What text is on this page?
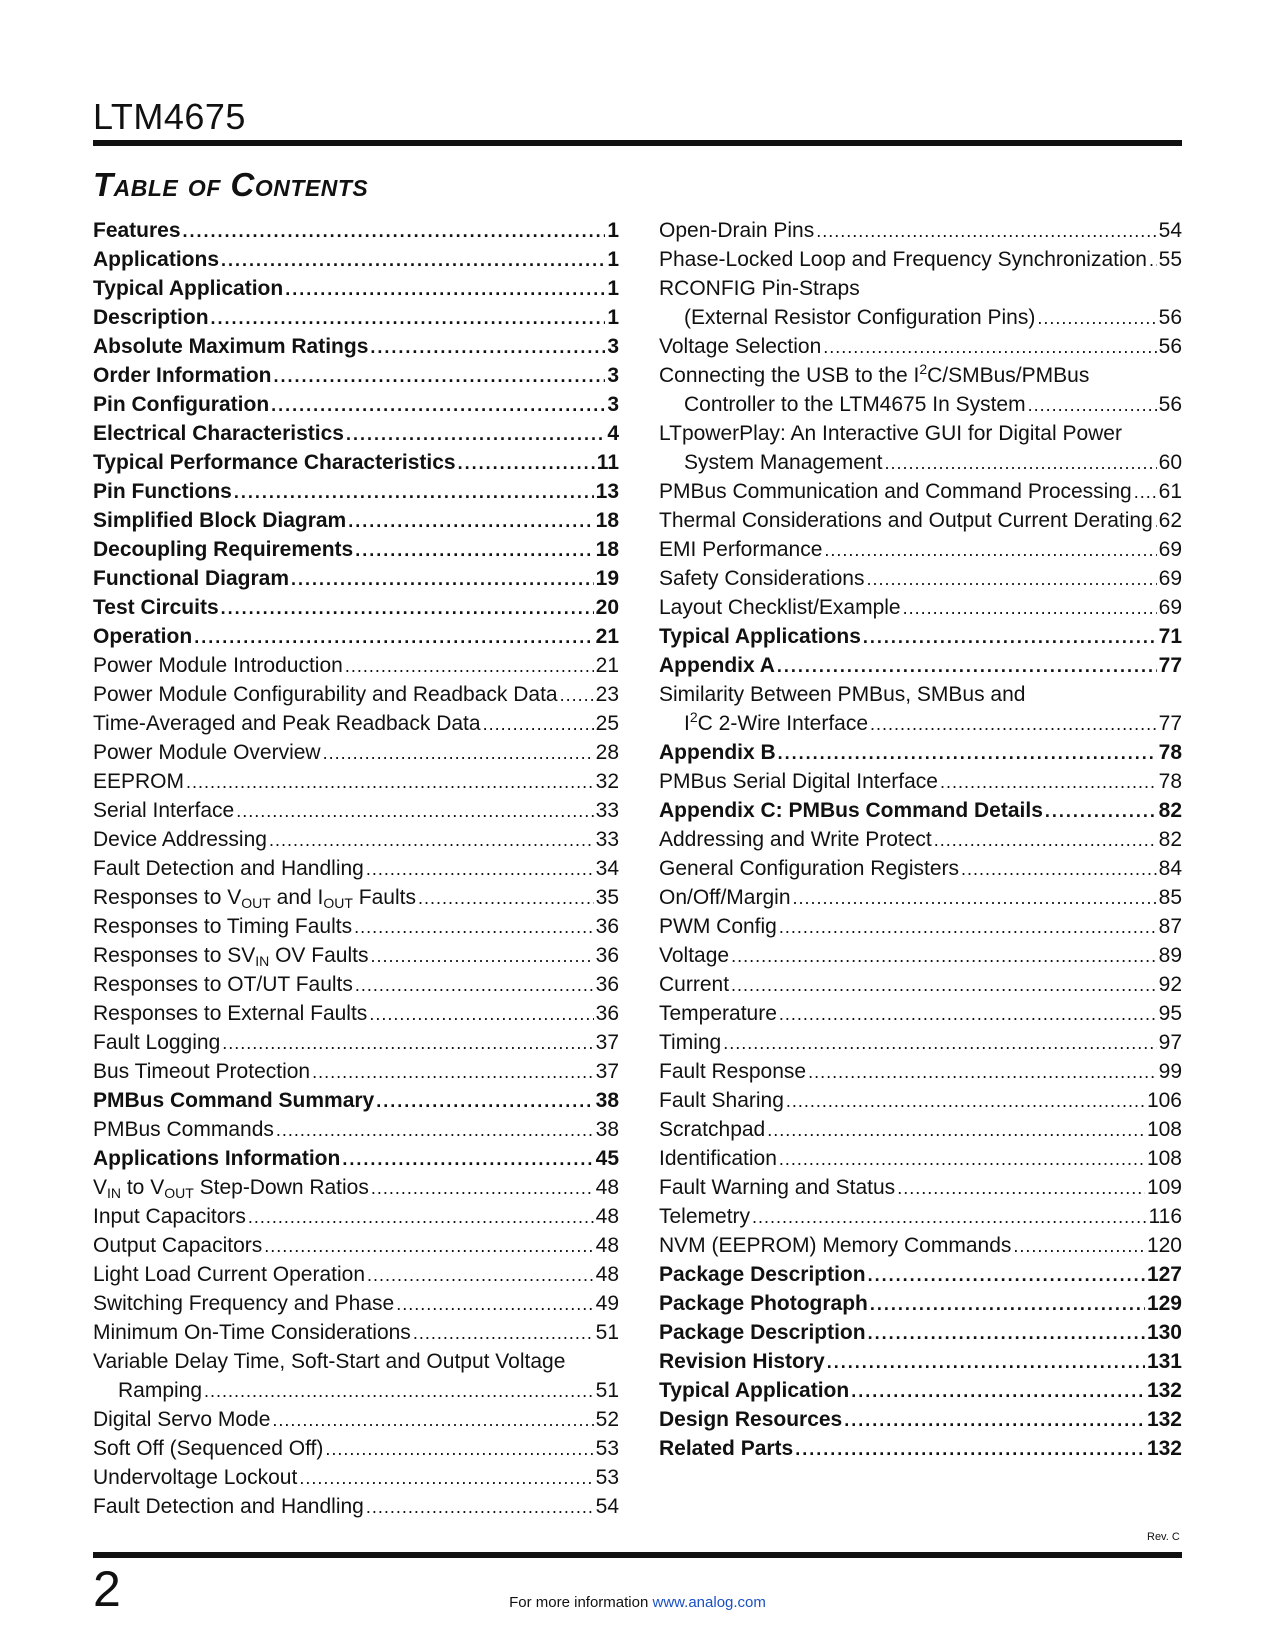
LTM4675
Table of Contents
Features .....	1
Applications .....	1
Typical Application .....	1
Description .....	1
Absolute Maximum Ratings .....	3
Order Information .....	3
Pin Configuration .....	3
Electrical Characteristics .....	4
Typical Performance Characteristics .....	11
Pin Functions .....	13
Simplified Block Diagram .....	18
Decoupling Requirements .....	18
Functional Diagram .....	19
Test Circuits .....	20
Operation .....	21
Power Module Introduction .....	21
Power Module Configurability and Readback Data ..... 23
Time-Averaged and Peak Readback Data .....	25
Power Module Overview .....	28
EEPROM .....	32
Serial Interface .....	33
Device Addressing .....	33
Fault Detection and Handling .....	34
Responses to $V_{OUT}$ and $I_{OUT}$ Faults .....	35
Responses to Timing Faults .....	36
Responses to $SV_{IN}$ OV Faults .....	36
Responses to OT/UT Faults .....	36
Responses to External Faults .....	36
Fault Logging .....	37
Bus Timeout Protection .....	37
PMBus Command Summary .....	38
PMBus Commands .....	38
Applications Information .....	45
$V_{IN}$ to $V_{OUT}$ Step-Down Ratios .....	48
Input Capacitors .....	48
Output Capacitors .....	48
Light Load Current Operation .....	48
Switching Frequency and Phase .....	49
Minimum On-Time Considerations .....	51
Variable Delay Time, Soft-Start and Output Voltage
Ramping .....	51
Digital Servo Mode .....	52
Soft Off (Sequenced Off) .....	53
Undervoltage Lockout .....	53
Fault Detection and Handling .....	54
Open-Drain Pins .....	54
Phase-Locked Loop and Frequency Synchronization ..... 55
RCONFIG Pin-Straps
(External Resistor Configuration Pins) .....	56
Voltage Selection .....	56
Connecting the USB to the $I^2C/SMBus$/PMBus
Controller to the LTM4675 In System .....	56
LTpowerPlay: An Interactive GUI for Digital Power
System Management .....	60
PMBus Communication and Command Processing ..... 61
Thermal Considerations and Output Current Derating ..... 62
EMI Performance .....	69
Safety Considerations .....	69
Layout Checklist/Example .....	69
Typical Applications .....	71
Appendix A .....	77
Similarity Between PMBus, SMBus and
$I^2C$ 2-Wire Interface .....	77
Appendix B .....	78
PMBus Serial Digital Interface .....	78
Appendix C: PMBus Command Details .....	82
Addressing and Write Protect .....	82
General Configuration Registers .....	84
On/Off/Margin .....	85
PWM Config .....	87
Voltage .....	89
Current .....	92
Temperature .....	95
Timing .....	97
Fault Response .....	99
Fault Sharing .....	106
Scratchpad .....	108
Identification .....	108
Fault Warning and Status .....	109
Telemetry .....	116
NVM (EEPROM) Memory Commands .....	120
Package Description .....	127
Package Photograph .....	129
Package Description .....	130
Revision History .....	131
Typical Application .....	132
Design Resources .....	132
Related Parts .....	132
Rev. C
2	For more information www.analog.com
